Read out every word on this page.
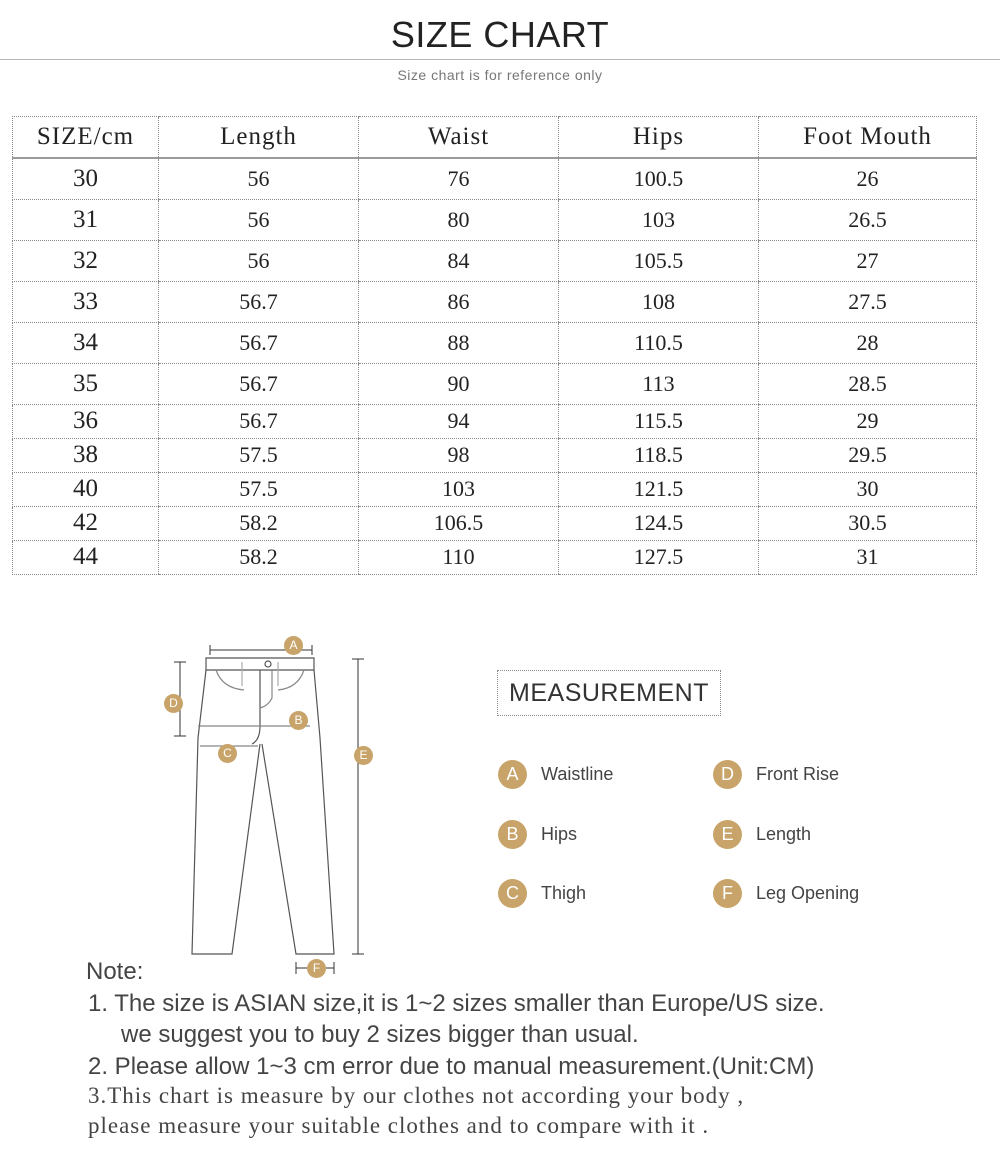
SIZE CHART
Size chart is for reference only
SIZE/cm	Length	Waist	Hips	Foot Mouth
30	56	76	100.5	26
31	56	80	103	26.5
32	56	84	105.5	27
33	56.7	86	108	27.5
34	56.7	88	110.5	28
35	56.7	90	113	28.5
36	56.7	94	115.5	29
38	57.5	98	118.5	29.5
40	57.5	103	121.5	30
42	58.2	106.5	124.5	30.5
44	58.2	110	127.5	31
A
B
C
D
E
F
MEASUREMENT
A	Waistline
B	Hips
C	Thigh
D	Front Rise
E	Length
F	Leg Opening
Note:
1. The size is ASIAN size,it is 1~2 sizes smaller than Europe/US size.
we suggest you to buy 2 sizes bigger than usual.
2. Please allow 1~3 cm error due to manual measurement.(Unit:CM)
3.This chart is measure by our clothes not according your body ,
please measure your suitable clothes and to compare with it .
